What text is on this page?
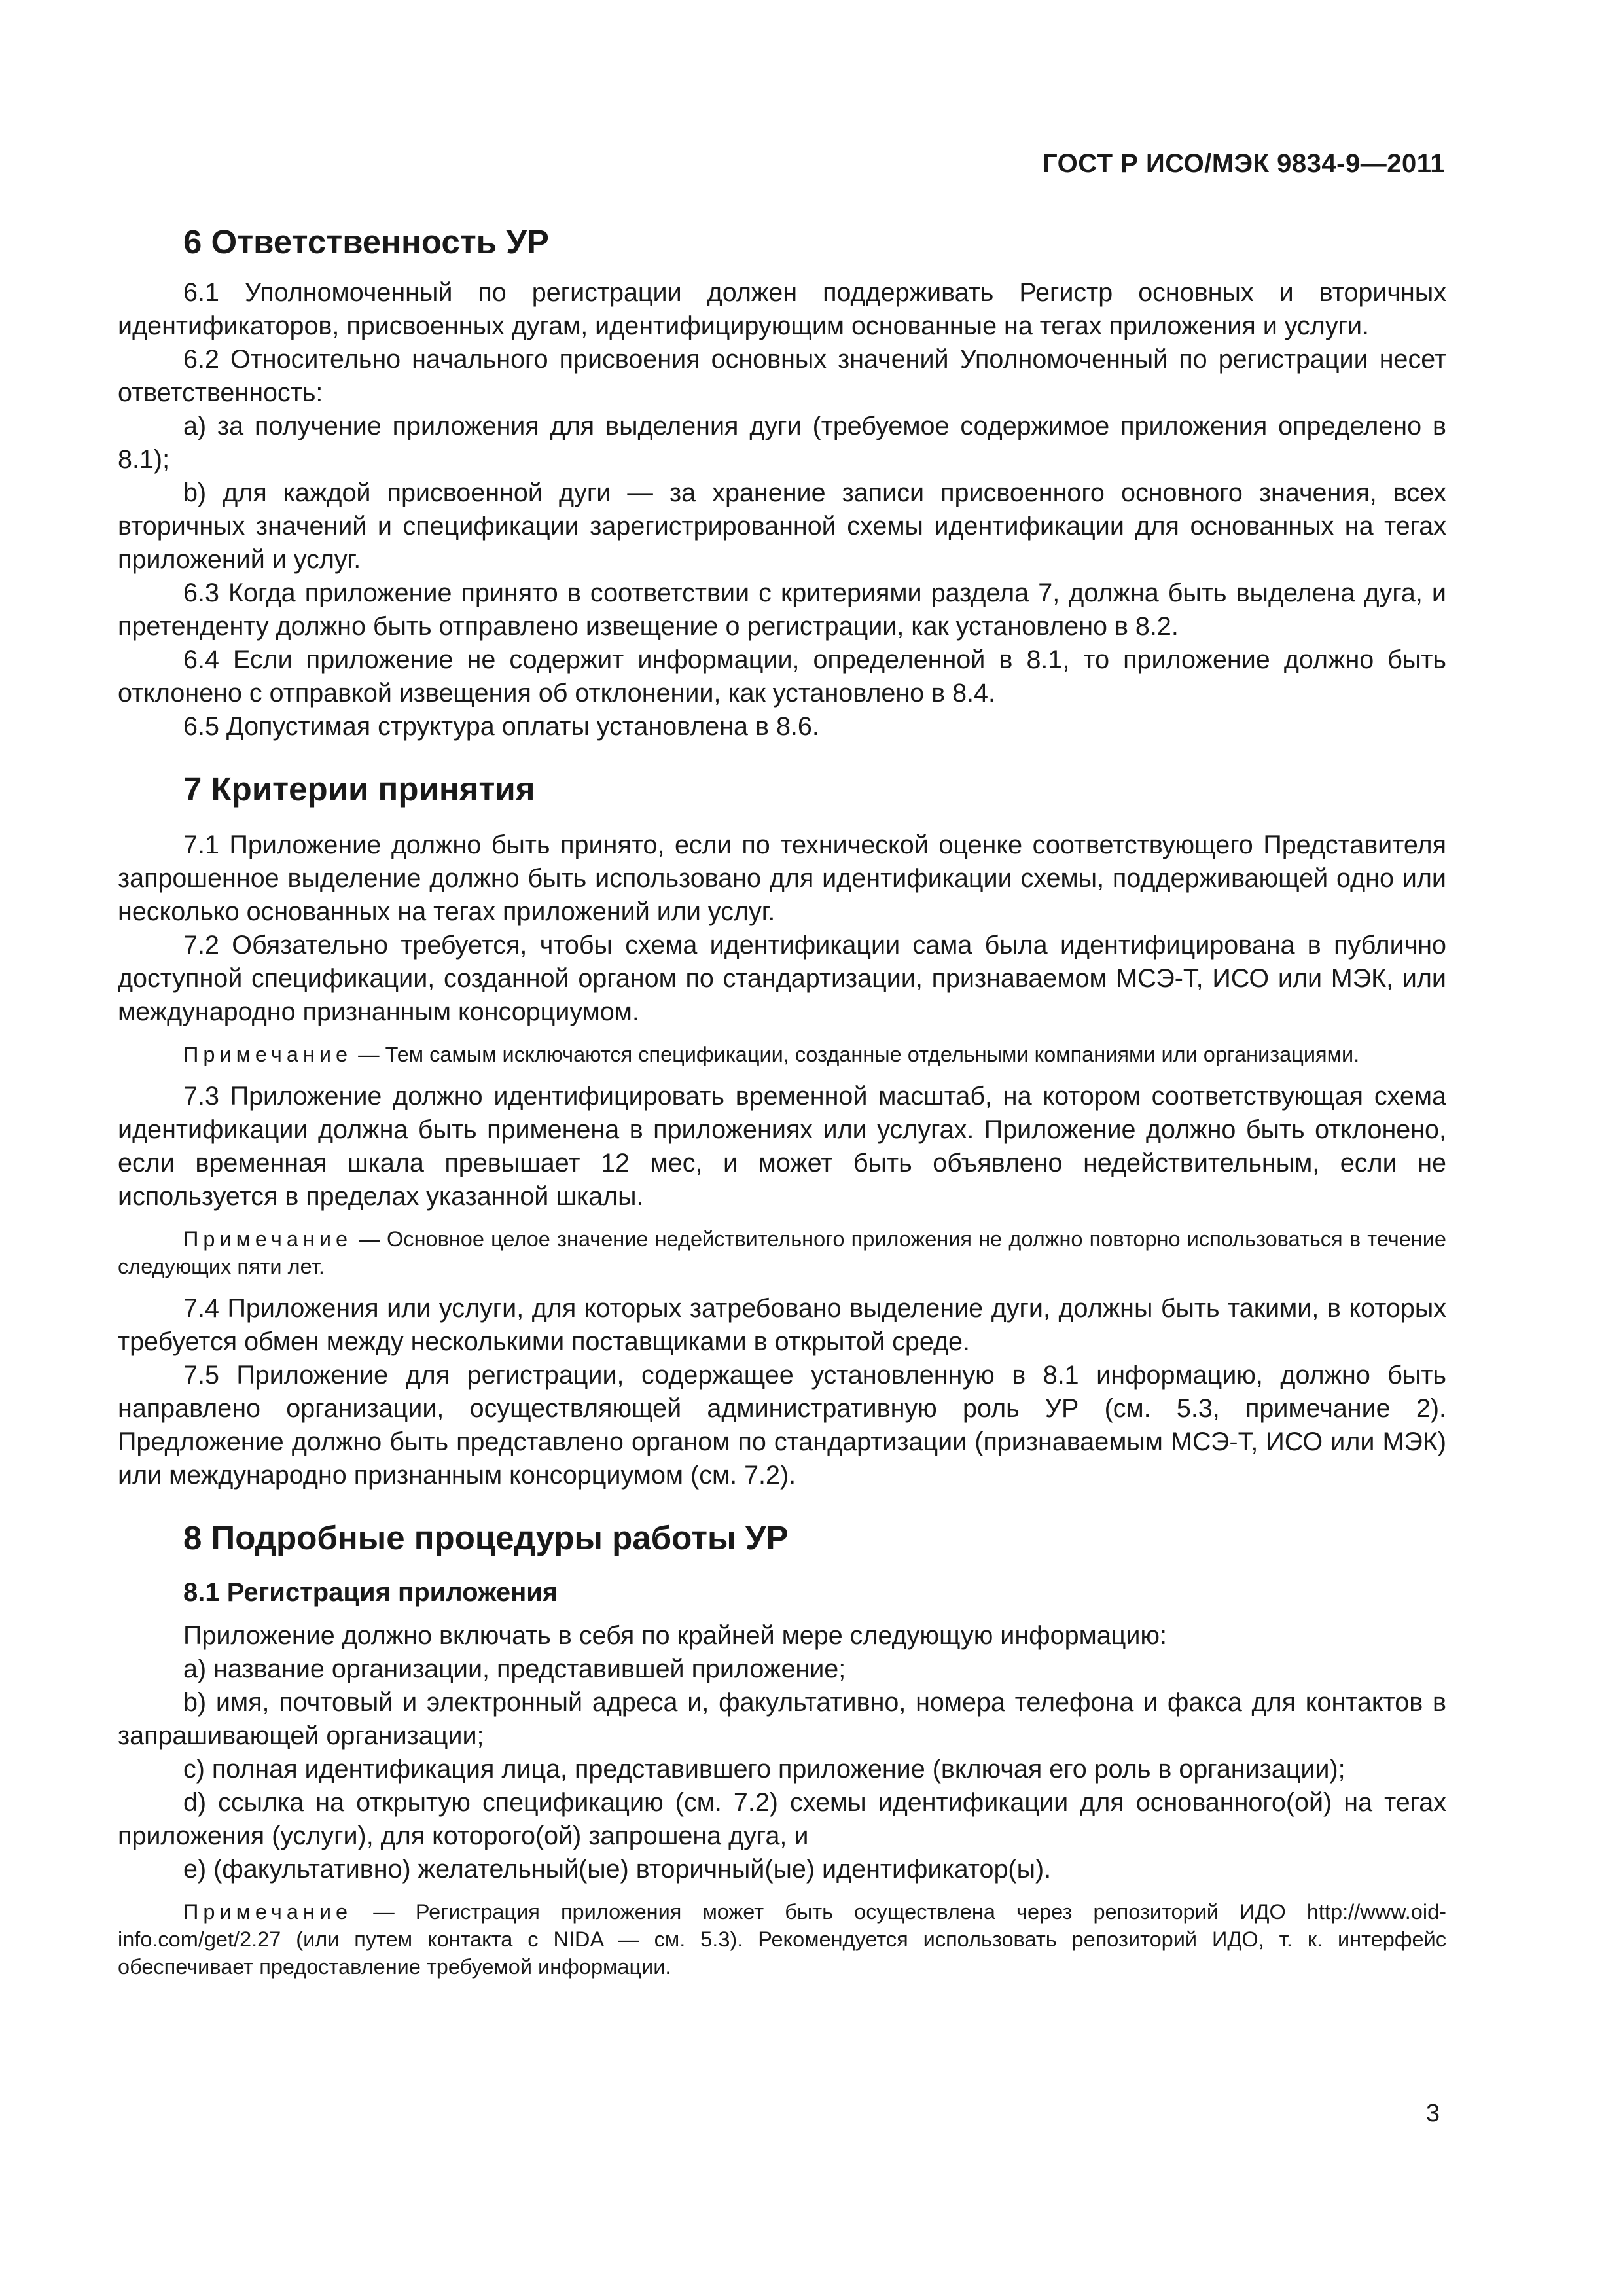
ГОСТ Р ИСО/МЭК 9834-9—2011
6 Ответственность УР

6.1 Уполномоченный по регистрации должен поддерживать Регистр основных и вторичных идентификаторов, присвоенных дугам, идентифицирующим основанные на тегах приложения и услуги.

6.2 Относительно начального присвоения основных значений Уполномоченный по регистрации несет ответственность:

a) за получение приложения для выделения дуги (требуемое содержимое приложения определено в 8.1);

b) для каждой присвоенной дуги — за хранение записи присвоенного основного значения, всех вторичных значений и спецификации зарегистрированной схемы идентификации для основанных на тегах приложений и услуг.

6.3 Когда приложение принято в соответствии с критериями раздела 7, должна быть выделена дуга, и претенденту должно быть отправлено извещение о регистрации, как установлено в 8.2.

6.4 Если приложение не содержит информации, определенной в 8.1, то приложение должно быть отклонено с отправкой извещения об отклонении, как установлено в 8.4.

6.5 Допустимая структура оплаты установлена в 8.6.

7 Критерии принятия

7.1 Приложение должно быть принято, если по технической оценке соответствующего Представителя запрошенное выделение должно быть использовано для идентификации схемы, поддерживающей одно или несколько основанных на тегах приложений или услуг.

7.2 Обязательно требуется, чтобы схема идентификации сама была идентифицирована в публично доступной спецификации, созданной органом по стандартизации, признаваемом МСЭ-Т, ИСО или МЭК, или международно признанным консорциумом.

Примечание — Тем самым исключаются спецификации, созданные отдельными компаниями или организациями.

7.3 Приложение должно идентифицировать временной масштаб, на котором соответствующая схема идентификации должна быть применена в приложениях или услугах. Приложение должно быть отклонено, если временная шкала превышает 12 мес, и может быть объявлено недействительным, если не используется в пределах указанной шкалы.

Примечание — Основное целое значение недействительного приложения не должно повторно использоваться в течение следующих пяти лет.

7.4 Приложения или услуги, для которых затребовано выделение дуги, должны быть такими, в которых требуется обмен между несколькими поставщиками в открытой среде.

7.5 Приложение для регистрации, содержащее установленную в 8.1 информацию, должно быть направлено организации, осуществляющей административную роль УР (см. 5.3, примечание 2). Предложение должно быть представлено органом по стандартизации (признаваемым МСЭ-Т, ИСО или МЭК) или международно признанным консорциумом (см. 7.2).

8 Подробные процедуры работы УР
8.1 Регистрация приложения

Приложение должно включать в себя по крайней мере следующую информацию:

a) название организации, представившей приложение;

b) имя, почтовый и электронный адреса и, факультативно, номера телефона и факса для контактов в запрашивающей организации;

c) полная идентификация лица, представившего приложение (включая его роль в организации);

d) ссылка на открытую спецификацию (см. 7.2) схемы идентификации для основанного(ой) на тегах приложения (услуги), для которого(ой) запрошена дуга, и

e) (факультативно) желательный(ые) вторичный(ые) идентификатор(ы).

Примечание — Регистрация приложения может быть осуществлена через репозиторий ИДО http://www.oid-info.com/get/2.27 (или путем контакта с NIDA — см. 5.3). Рекомендуется использовать репозиторий ИДО, т. к. интерфейс обеспечивает предоставление требуемой информации.

3
